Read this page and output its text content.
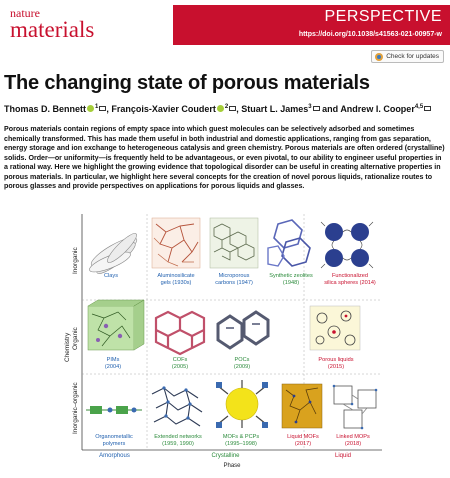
nature
materials
PERSPECTIVE
https://doi.org/10.1038/s41563-021-00957-w
Check for updates
The changing state of porous materials
Thomas D. Bennett $^1$ , François-Xavier Coudert $^2$ , Stuart L. James$^3$ and Andrew I. Cooper$^{4,5}$
Porous materials contain regions of empty space into which guest molecules can be selectively adsorbed and sometimes chemically transformed. This has made them useful in both industrial and domestic applications, ranging from gas separation, energy storage and ion exchange to heterogeneous catalysis and green chemistry. Porous materials are often ordered (crystalline) solids. Order—or uniformity—is frequently held to be advantageous, or even pivotal, to our ability to engineer useful properties in a rational way. Here we highlight the growing evidence that topological disorder can be useful in creating alternative properties in porous materials. In particular, we highlight here several concepts for the creation of novel porous liquids, rationalize routes to porous glasses and provide perspectives on applications for porous liquids and glasses.
Chemistry
Inorganic
Organic
Inorganic–organic
Clays	Aluminosilicate
gels (1930s)
Microporous
carbons (1947)
Synthetic zeolites
(1948)
Functionalized
silica spheres (2014)
PIMs
(2004)
COFs
(2005)
POCs
(2009)
Porous liquids
(2015)
Organometallic
polymers
Extended networks
(1959, 1990)
MOFs & PCPs
(1995–1998)
Liquid MOFs
(2017)
Linked MOPs
(2018)
Amorphous	Crystalline	Liquid
Phase
